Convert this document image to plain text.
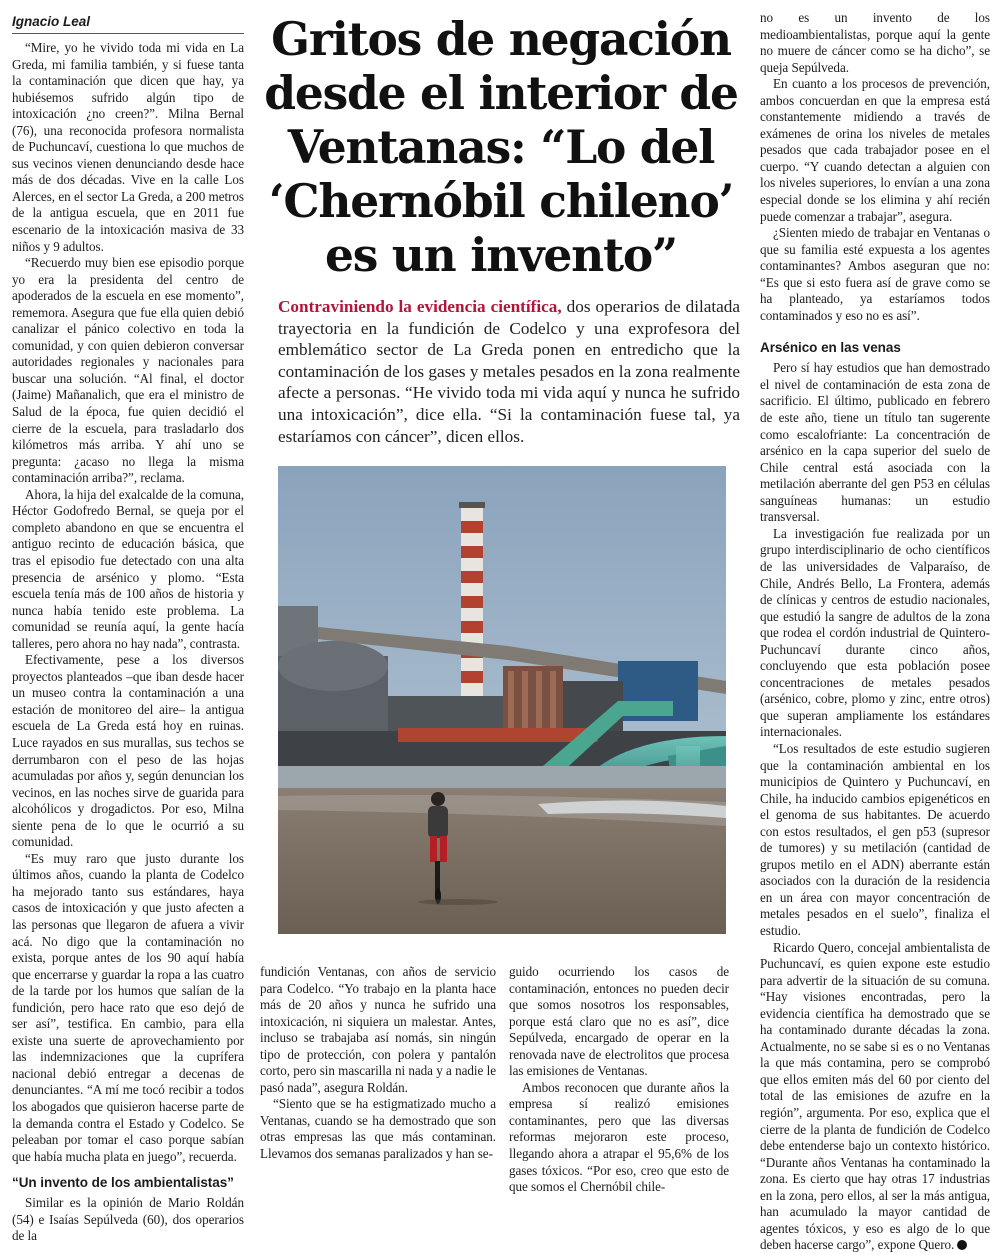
Ignacio Leal

“Mire, yo he vivido toda mi vida en La Greda, mi familia también, y si fuese tanta la contaminación que dicen que hay, ya hubiésemos sufrido algún tipo de intoxicación ¿no creen?”. Milna Bernal (76), una reconocida profesora normalista de Puchuncaví, cuestiona lo que muchos de sus vecinos vienen denunciando desde hace más de dos décadas. Vive en la calle Los Alerces, en el sector La Greda, a 200 metros de la antigua escuela, que en 2011 fue escenario de la intoxicación masiva de 33 niños y 9 adultos.

“Recuerdo muy bien ese episodio porque yo era la presidenta del centro de apoderados de la escuela en ese momento”, rememora. Asegura que fue ella quien debió canalizar el pánico colectivo en toda la comunidad, y con quien debieron conversar autoridades regionales y nacionales para buscar una solución. “Al final, el doctor (Jaime) Mañanalich, que era el ministro de Salud de la época, fue quien decidió el cierre de la escuela, para trasladarlo dos kilómetros más arriba. Y ahí uno se pregunta: ¿acaso no llega la misma contaminación arriba?”, reclama.

Ahora, la hija del exalcalde de la comuna, Héctor Godofredo Bernal, se queja por el completo abandono en que se encuentra el antiguo recinto de educación básica, que tras el episodio fue detectado con una alta presencia de arsénico y plomo. “Esta escuela tenía más de 100 años de historia y nunca había tenido este problema. La comunidad se reunía aquí, la gente hacía talleres, pero ahora no hay nada”, contrasta.

Efectivamente, pese a los diversos proyectos planteados –que iban desde hacer un museo contra la contaminación a una estación de monitoreo del aire– la antigua escuela de La Greda está hoy en ruinas. Luce rayados en sus murallas, sus techos se derrumbaron con el peso de las hojas acumuladas por años y, según denuncian los vecinos, en las noches sirve de guarida para alcohólicos y drogadictos. Por eso, Milna siente pena de lo que le ocurrió a su comunidad.

“Es muy raro que justo durante los últimos años, cuando la planta de Codelco ha mejorado tanto sus estándares, haya casos de intoxicación y que justo afecten a las personas que llegaron de afuera a vivir acá. No digo que la contaminación no exista, porque antes de los 90 aquí había que encerrarse y guardar la ropa a las cuatro de la tarde por los humos que salían de la fundición, pero hace rato que eso dejó de ser así”, testifica. En cambio, para ella existe una suerte de aprovechamiento por las indemnizaciones que la cuprífera nacional debió entregar a decenas de denunciantes. “A mí me tocó recibir a todos los abogados que quisieron hacerse parte de la demanda contra el Estado y Codelco. Se peleaban por tomar el caso porque sabían que había mucha plata en juego”, recuerda.

“Un invento de los ambientalistas”

Similar es la opinión de Mario Roldán (54) e Isaías Sepúlveda (60), dos operarios de la

Gritos de negación
desde el interior de
Ventanas: “Lo del
‘Chernóbil chileno’
es un invento”
Contraviniendo la evidencia científica, dos operarios de dilatada trayectoria en la fundición de Codelco y una exprofesora del emblemático sector de La Greda ponen en entredicho que la contaminación de los gases y metales pesados en la zona realmente afecte a personas. “He vivido toda mi vida aquí y nunca he sufrido una intoxicación”, dice ella. “Si la contaminación fuese tal, ya estaríamos con cáncer”, dicen ellos.

fundición Ventanas, con años de servicio para Codelco. “Yo trabajo en la planta hace más de 20 años y nunca he sufrido una intoxicación, ni siquiera un malestar. Antes, incluso se trabajaba así nomás, sin ningún tipo de protección, con polera y pantalón corto, pero sin mascarilla ni nada y a nadie le pasó nada”, asegura Roldán.

“Siento que se ha estigmatizado mucho a Ventanas, cuando se ha demostrado que son otras empresas las que más contaminan. Llevamos dos semanas paralizados y han se-

guido ocurriendo los casos de contaminación, entonces no pueden decir que somos nosotros los responsables, porque está claro que no es así”, dice Sepúlveda, encargado de operar en la renovada nave de electrolitos que procesa las emisiones de Ventanas.

Ambos reconocen que durante años la empresa sí realizó emisiones contaminantes, pero que las diversas reformas mejoraron este proceso, llegando ahora a atrapar el 95,6% de los gases tóxicos. “Por eso, creo que esto de que somos el Chernóbil chile-

no es un invento de los medioambientalistas, porque aquí la gente no muere de cáncer como se ha dicho”, se queja Sepúlveda.

En cuanto a los procesos de prevención, ambos concuerdan en que la empresa está constantemente midiendo a través de exámenes de orina los niveles de metales pesados que cada trabajador posee en el cuerpo. “Y cuando detectan a alguien con los niveles superiores, lo envían a una zona especial donde se los elimina y ahí recién puede comenzar a trabajar”, asegura.

¿Sienten miedo de trabajar en Ventanas o que su familia esté expuesta a los agentes contaminantes? Ambos aseguran que no: “Es que si esto fuera así de grave como se ha planteado, ya estaríamos todos contaminados y eso no es así”.

Arsénico en las venas

Pero sí hay estudios que han demostrado el nivel de contaminación de esta zona de sacrificio. El último, publicado en febrero de este año, tiene un título tan sugerente como escalofriante: La concentración de arsénico en la capa superior del suelo de Chile central está asociada con la metilación aberrante del gen P53 en células sanguíneas humanas: un estudio transversal.

La investigación fue realizada por un grupo interdisciplinario de ocho científicos de las universidades de Valparaíso, de Chile, Andrés Bello, La Frontera, además de clínicas y centros de estudio nacionales, que estudió la sangre de adultos de la zona que rodea el cordón industrial de Quintero-Puchuncaví durante cinco años, concluyendo que esta población posee concentraciones de metales pesados (arsénico, cobre, plomo y zinc, entre otros) que superan ampliamente los estándares internacionales.

“Los resultados de este estudio sugieren que la contaminación ambiental en los municipios de Quintero y Puchuncaví, en Chile, ha inducido cambios epigenéticos en el genoma de sus habitantes. De acuerdo con estos resultados, el gen p53 (supresor de tumores) y su metilación (cantidad de grupos metilo en el ADN) aberrante están asociados con la duración de la residencia en un área con mayor concentración de metales pesados en el suelo”, finaliza el estudio.

Ricardo Quero, concejal ambientalista de Puchuncaví, es quien expone este estudio para advertir de la situación de su comuna. “Hay visiones encontradas, pero la evidencia científica ha demostrado que se ha contaminado durante décadas la zona. Actualmente, no se sabe si es o no Ventanas la que más contamina, pero se comprobó que ellos emiten más del 60 por ciento del total de las emisiones de azufre en la región”, argumenta. Por eso, explica que el cierre de la planta de fundición de Codelco debe entenderse bajo un contexto histórico. “Durante años Ventanas ha contaminado la zona. Es cierto que hay otras 17 industrias en la zona, pero ellos, al ser la más antigua, han acumulado la mayor cantidad de agentes tóxicos, y eso es algo de lo que deben hacerse cargo”, expone Quero.
